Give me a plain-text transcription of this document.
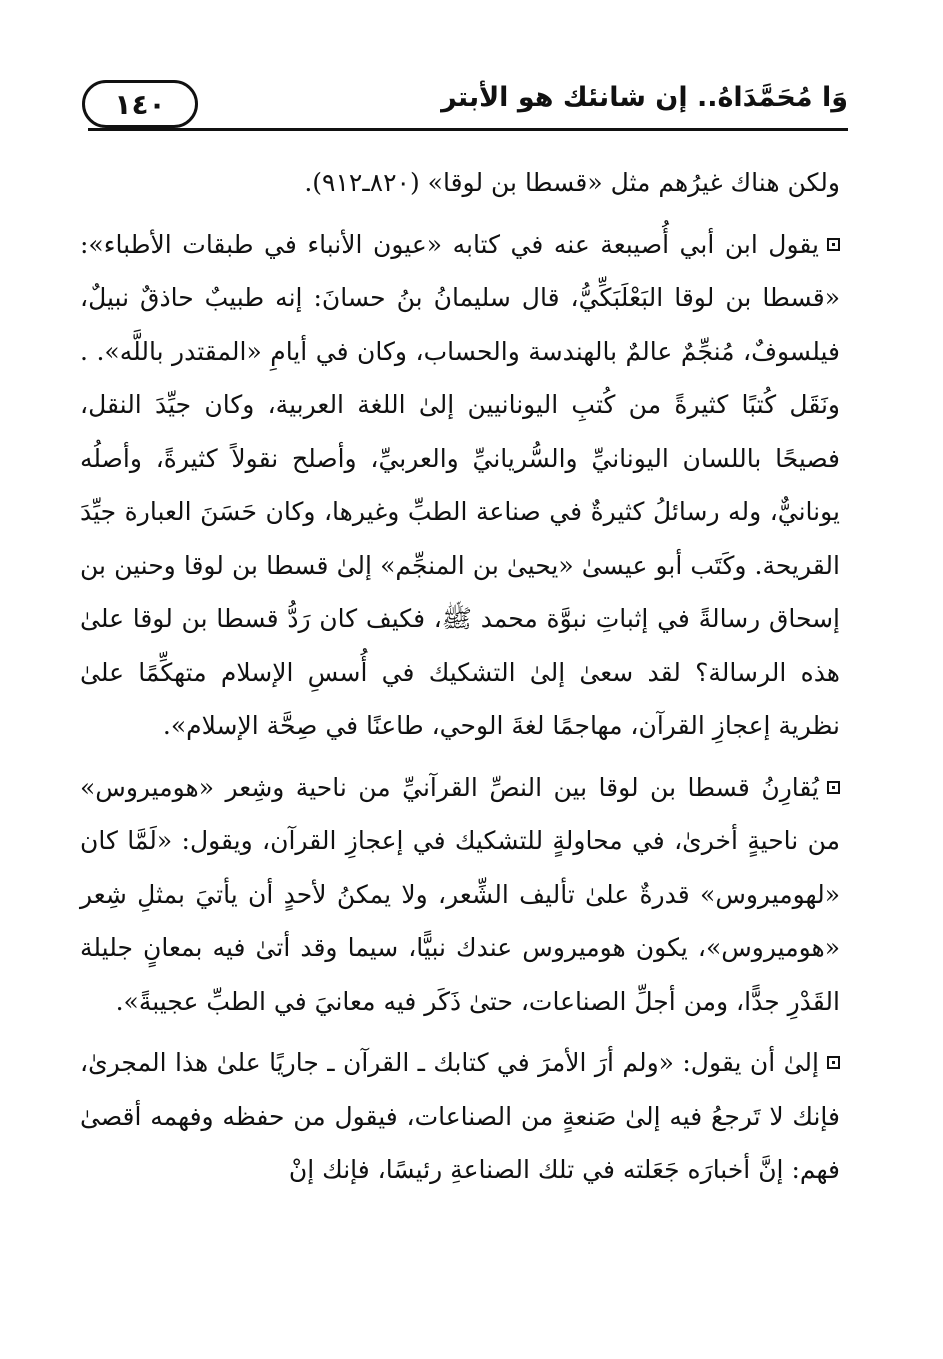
١٤٠	وَا مُحَمَّدَاهُ.. إن شانئك هو الأبتر

ولكن هناك غيرُهم مثل «قسطا بن لوقا» (٨٢٠ـ٩١٢).

يقول ابن أبي أُصيبعة عنه في كتابه «عيون الأنباء في طبقات الأطباء»: «قسطا بن لوقا البَعْلَبَكِّيُّ، قال سليمانُ بنُ حسانَ: إنه طبيبٌ حاذقٌ نبيلٌ، فيلسوفٌ، مُنجِّمٌ عالمٌ بالهندسة والحساب، وكان في أيامِ «المقتدر باللَّه». . ونَقَل كُتبًا كثيرةً من كُتبِ اليونانيين إلىٰ اللغة العربية، وكان جيِّدَ النقل، فصيحًا باللسان اليونانيِّ والسُّريانيِّ والعربيِّ، وأصلح نقولاً كثيرةً، وأصلُه يونانيٌّ، وله رسائلُ كثيرةٌ في صناعة الطبِّ وغيرها، وكان حَسَنَ العبارة جيِّدَ القريحة. وكَتَب أبو عيسىٰ «يحيىٰ بن المنجِّم» إلىٰ قسطا بن لوقا وحنين بن إسحاق رسالةً في إثباتِ نبوَّة محمد ﷺ، فكيف كان رَدُّ قسطا بن لوقا علىٰ هذه الرسالة؟ لقد سعىٰ إلىٰ التشكيك في أُسسِ الإسلام متهكِّمًا علىٰ نظرية إعجازِ القرآن، مهاجمًا لغةَ الوحي، طاعنًا في صِحَّة الإسلام».

يُقارِنُ قسطا بن لوقا بين النصِّ القرآنيِّ من ناحية وشِعر «هوميروس» من ناحيةٍ أخرىٰ، في محاولةٍ للتشكيك في إعجازِ القرآن، ويقول: «لَمَّا كان «لهوميروس» قدرةٌ علىٰ تأليف الشِّعر، ولا يمكنُ لأحدٍ أن يأتيَ بمثلِ شِعر «هوميروس»، يكون هوميروس عندك نبيًّا، سيما وقد أتىٰ فيه بمعانٍ جليلة القَدْرِ جدًّا، ومن أجلِّ الصناعات، حتىٰ ذَكَر فيه معانيَ في الطبِّ عجيبةً».

إلىٰ أن يقول: «ولم أرَ الأمرَ في كتابك ـ القرآن ـ جاريًا علىٰ هذا المجرىٰ، فإنك لا تَرجعُ فيه إلىٰ صَنعةٍ من الصناعات، فيقول من حفظه وفهمه أقصىٰ فهم: إنَّ أخبارَه جَعَلته في تلك الصناعةِ رئيسًا، فإنك إنْ
